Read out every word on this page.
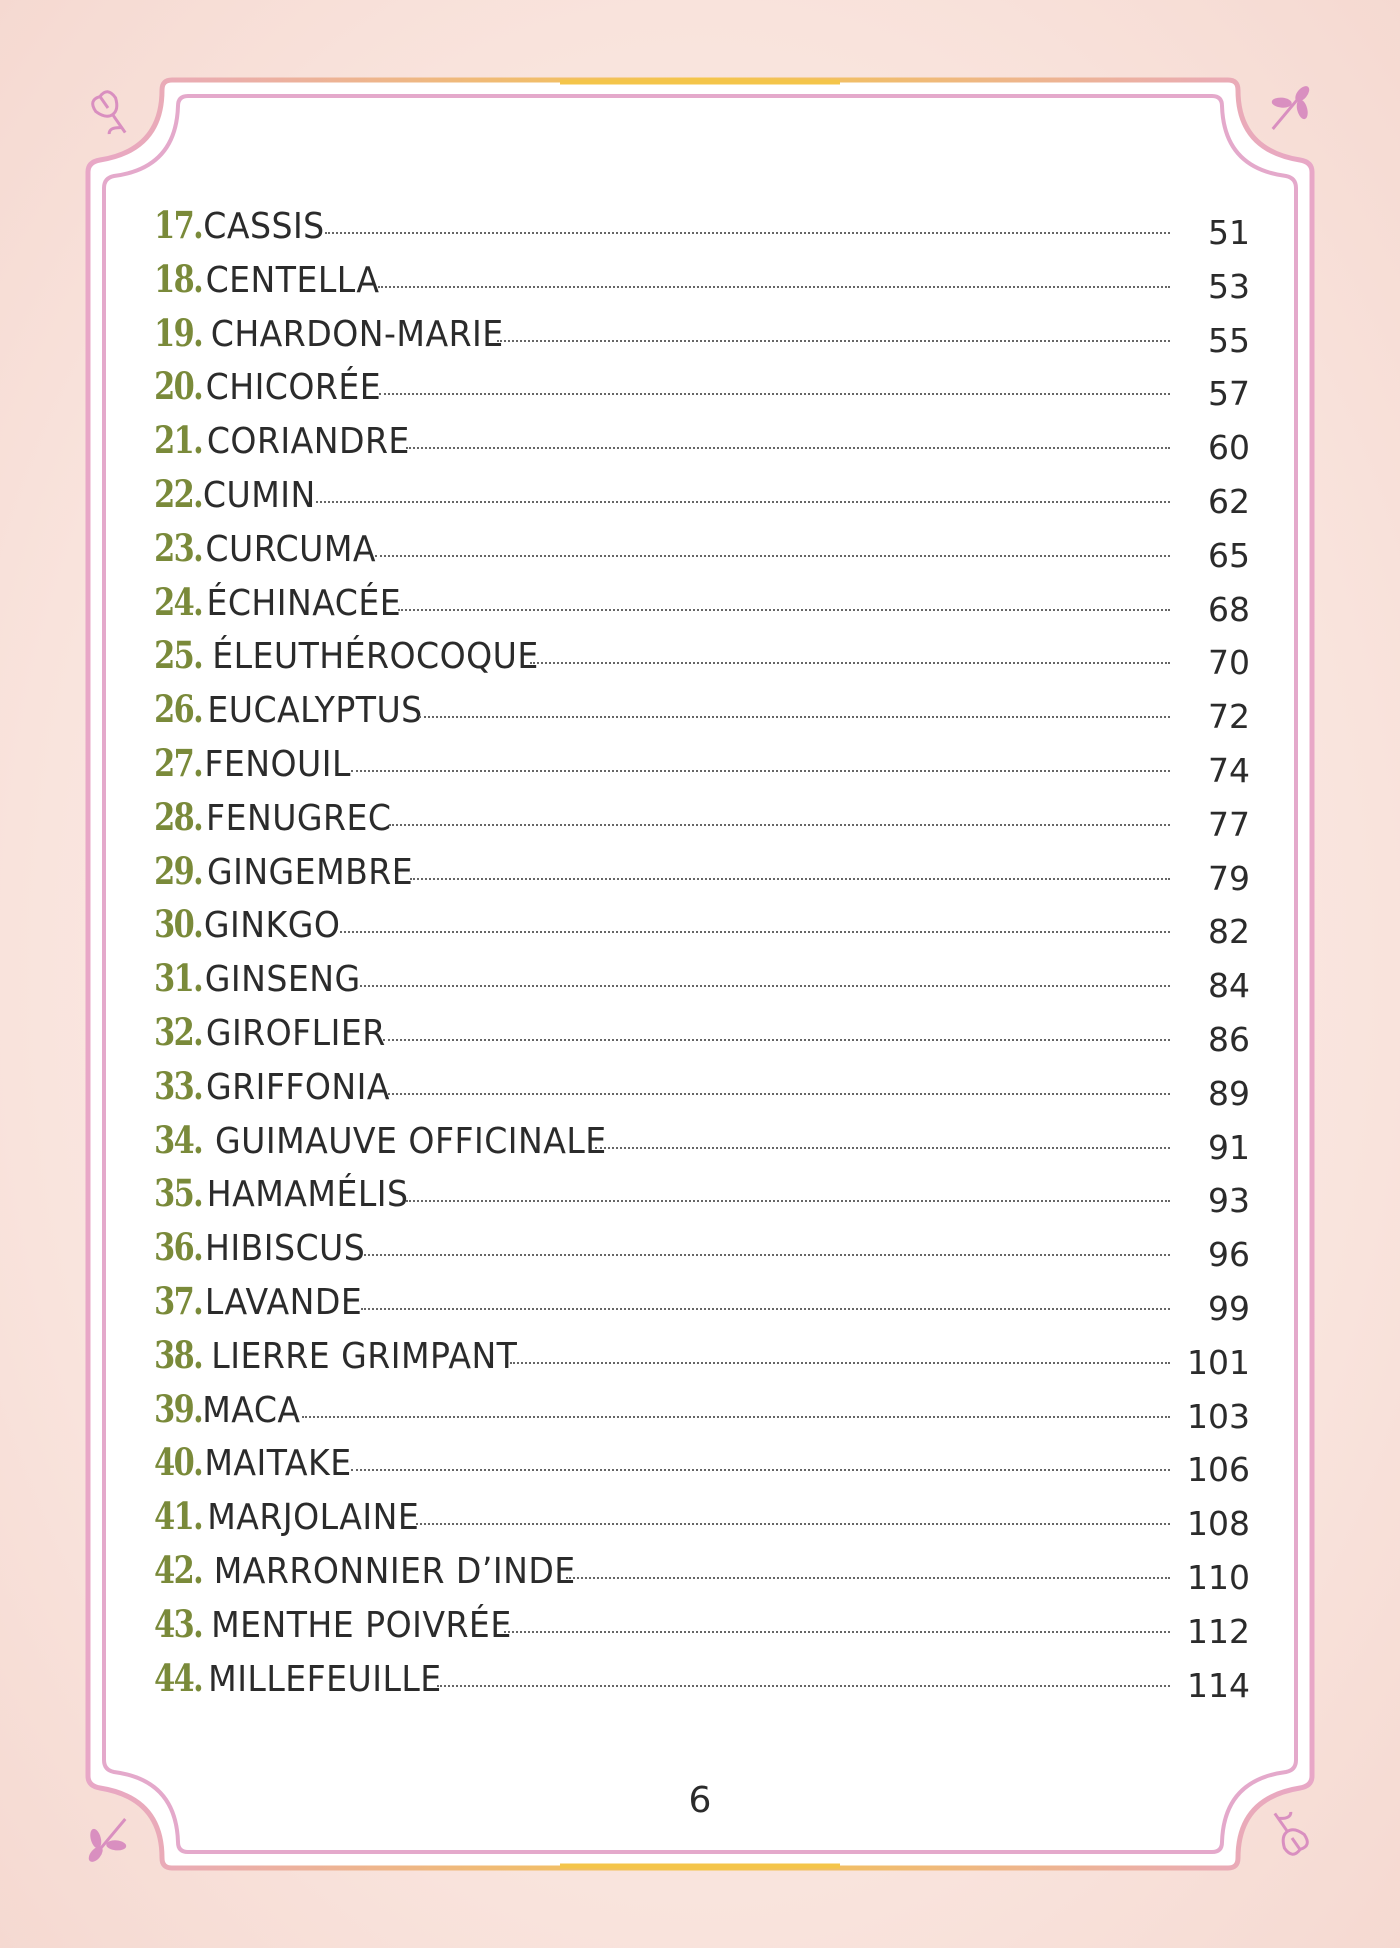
17. CASSIS	51
18. CENTELLA	53
19. CHARDON-MARIE	55
20. CHICORÉE	57
21. CORIANDRE	60
22. CUMIN	62
23. CURCUMA	65
24. ÉCHINACÉE	68
25. ÉLEUTHÉROCOQUE	70
26. EUCALYPTUS	72
27. FENOUIL	74
28. FENUGREC	77
29. GINGEMBRE	79
30. GINKGO	82
31. GINSENG	84
32. GIROFLIER	86
33. GRIFFONIA	89
34. GUIMAUVE OFFICINALE	91
35. HAMAMÉLIS	93
36. HIBISCUS	96
37. LAVANDE	99
38. LIERRE GRIMPANT	101
39. MACA	103
40. MAITAKE	106
41. MARJOLAINE	108
42. MARRONNIER D’INDE	110
43. MENTHE POIVRÉE	112
44. MILLEFEUILLE	114
6
